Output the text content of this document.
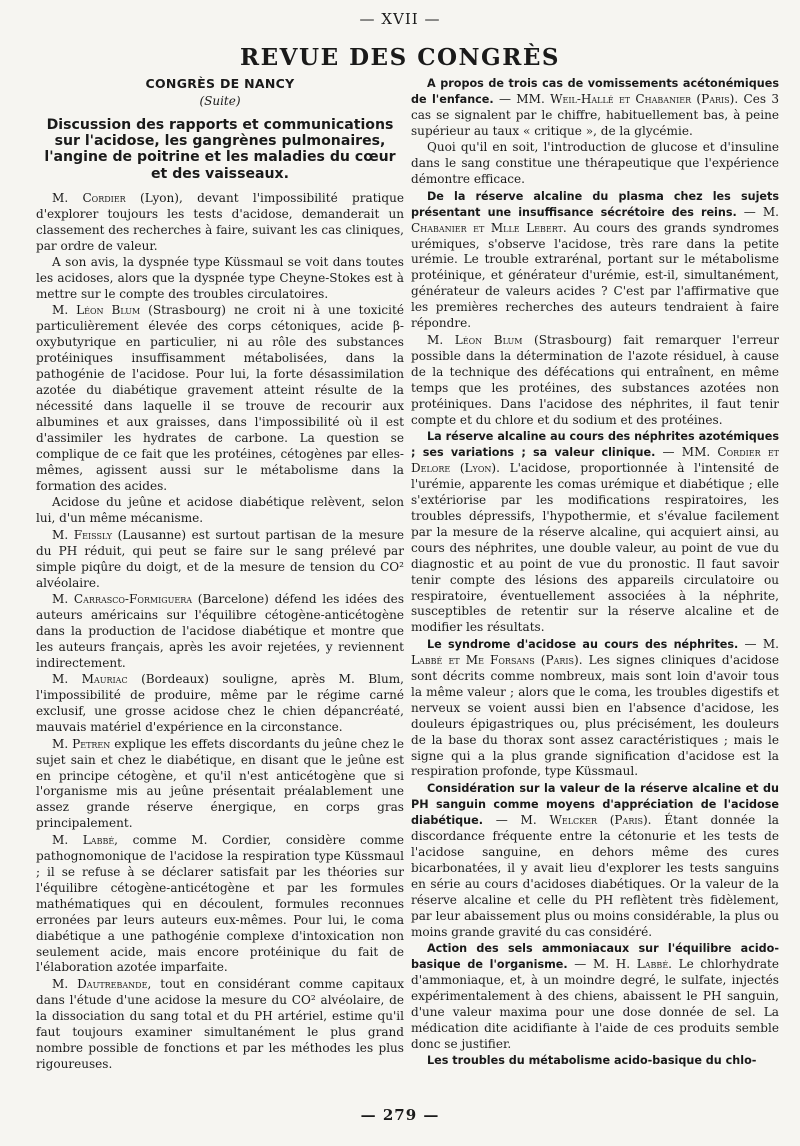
— XVII —
REVUE DES CONGRÈS
CONGRÈS DE NANCY
(Suite)
Discussion des rapports et communications sur l'acidose, les gangrènes pulmonaires, l'angine de poitrine et les maladies du cœur et des vaisseaux.

M. Cordier (Lyon), devant l'impossibilité pratique d'explorer toujours les tests d'acidose, demanderait un classement des recherches à faire, suivant les cas cliniques, par ordre de valeur.

A son avis, la dyspnée type Küssmaul se voit dans toutes les acidoses, alors que la dyspnée type Cheyne-Stokes est à mettre sur le compte des troubles circulatoires.

M. Léon Blum (Strasbourg) ne croit ni à une toxicité particulièrement élevée des corps cétoniques, acide β-oxybutyrique en particulier, ni au rôle des substances protéiniques insuffisamment métabolisées, dans la pathogénie de l'acidose. Pour lui, la forte désassimilation azotée du diabétique gravement atteint résulte de la nécessité dans laquelle il se trouve de recourir aux albumines et aux graisses, dans l'impossibilité où il est d'assimiler les hydrates de carbone. La question se complique de ce fait que les protéines, cétogènes par elles-mêmes, agissent aussi sur le métabolisme dans la formation des acides.

Acidose du jeûne et acidose diabétique relèvent, selon lui, d'un même mécanisme.

M. Feissly (Lausanne) est surtout partisan de la mesure du PH réduit, qui peut se faire sur le sang prélevé par simple piqûre du doigt, et de la mesure de tension du CO² alvéolaire.

M. Carrasco-Formiguera (Barcelone) défend les idées des auteurs américains sur l'équilibre cétogène-anticétogène dans la production de l'acidose diabétique et montre que les auteurs français, après les avoir rejetées, y reviennent indirectement.

M. Mauriac (Bordeaux) souligne, après M. Blum, l'impossibilité de produire, même par le régime carné exclusif, une grosse acidose chez le chien dépancréaté, mauvais matériel d'expérience en la circonstance.

M. Petren explique les effets discordants du jeûne chez le sujet sain et chez le diabétique, en disant que le jeûne est en principe cétogène, et qu'il n'est anticétogène que si l'organisme mis au jeûne présentait préalablement une assez grande réserve énergique, en corps gras principalement.

M. Labbé, comme M. Cordier, considère comme pathognomonique de l'acidose la respiration type Küssmaul ; il se refuse à se déclarer satisfait par les théories sur l'équilibre cétogène-anticétogène et par les formules mathématiques qui en découlent, formules reconnues erronées par leurs auteurs eux-mêmes. Pour lui, le coma diabétique a une pathogénie complexe d'intoxication non seulement acide, mais encore protéinique du fait de l'élaboration azotée imparfaite.

M. Dautrebande, tout en considérant comme capitaux dans l'étude d'une acidose la mesure du CO² alvéolaire, de la dissociation du sang total et du PH artériel, estime qu'il faut toujours examiner simultanément le plus grand nombre possible de fonctions et par les méthodes les plus rigoureuses.

A propos de trois cas de vomissements acétonémiques de l'enfance. — MM. Weil-Hallé et Chabanier (Paris). Ces 3 cas se signalent par le chiffre, habituellement bas, à peine supérieur au taux « critique », de la glycémie.

Quoi qu'il en soit, l'introduction de glucose et d'insuline dans le sang constitue une thérapeutique que l'expérience démontre efficace.

De la réserve alcaline du plasma chez les sujets présentant une insuffisance sécrétoire des reins. — M. Chabanier et Mlle Lebert. Au cours des grands syndromes urémiques, s'observe l'acidose, très rare dans la petite urémie. Le trouble extrarénal, portant sur le métabolisme protéinique, et générateur d'urémie, est-il, simultanément, générateur de valeurs acides ? C'est par l'affirmative que les premières recherches des auteurs tendraient à faire répondre.

M. Léon Blum (Strasbourg) fait remarquer l'erreur possible dans la détermination de l'azote résiduel, à cause de la technique des défécations qui entraînent, en même temps que les protéines, des substances azotées non protéiniques. Dans l'acidose des néphrites, il faut tenir compte et du chlore et du sodium et des protéines.

La réserve alcaline au cours des néphrites azotémiques ; ses variations ; sa valeur clinique. — MM. Cordier et Delore (Lyon). L'acidose, proportionnée à l'intensité de l'urémie, apparente les comas urémique et diabétique ; elle s'extériorise par les modifications respiratoires, les troubles dépressifs, l'hypothermie, et s'évalue facilement par la mesure de la réserve alcaline, qui acquiert ainsi, au cours des néphrites, une double valeur, au point de vue du diagnostic et au point de vue du pronostic. Il faut savoir tenir compte des lésions des appareils circulatoire ou respiratoire, éventuellement associées à la néphrite, susceptibles de retentir sur la réserve alcaline et de modifier les résultats.

Le syndrome d'acidose au cours des néphrites. — M. Labbé et Me Forsans (Paris). Les signes cliniques d'acidose sont décrits comme nombreux, mais sont loin d'avoir tous la même valeur ; alors que le coma, les troubles digestifs et nerveux se voient aussi bien en l'absence d'acidose, les douleurs épigastriques ou, plus précisément, les douleurs de la base du thorax sont assez caractéristiques ; mais le signe qui a la plus grande signification d'acidose est la respiration profonde, type Küssmaul.

Considération sur la valeur de la réserve alcaline et du PH sanguin comme moyens d'appréciation de l'acidose diabétique. — M. Welcker (Paris). Étant donnée la discordance fréquente entre la cétonurie et les tests de l'acidose sanguine, en dehors même des cures bicarbonatées, il y avait lieu d'explorer les tests sanguins en série au cours d'acidoses diabétiques. Or la valeur de la réserve alcaline et celle du PH reflètent très fidèlement, par leur abaissement plus ou moins considérable, la plus ou moins grande gravité du cas considéré.

Action des sels ammoniacaux sur l'équilibre acido-basique de l'organisme. — M. H. Labbé. Le chlorhydrate d'ammoniaque, et, à un moindre degré, le sulfate, injectés expérimentalement à des chiens, abaissent le PH sanguin, d'une valeur maxima pour une dose donnée de sel. La médication dite acidifiante à l'aide de ces produits semble donc se justifier.

Les troubles du métabolisme acido-basique du chlo-

— 279 —
